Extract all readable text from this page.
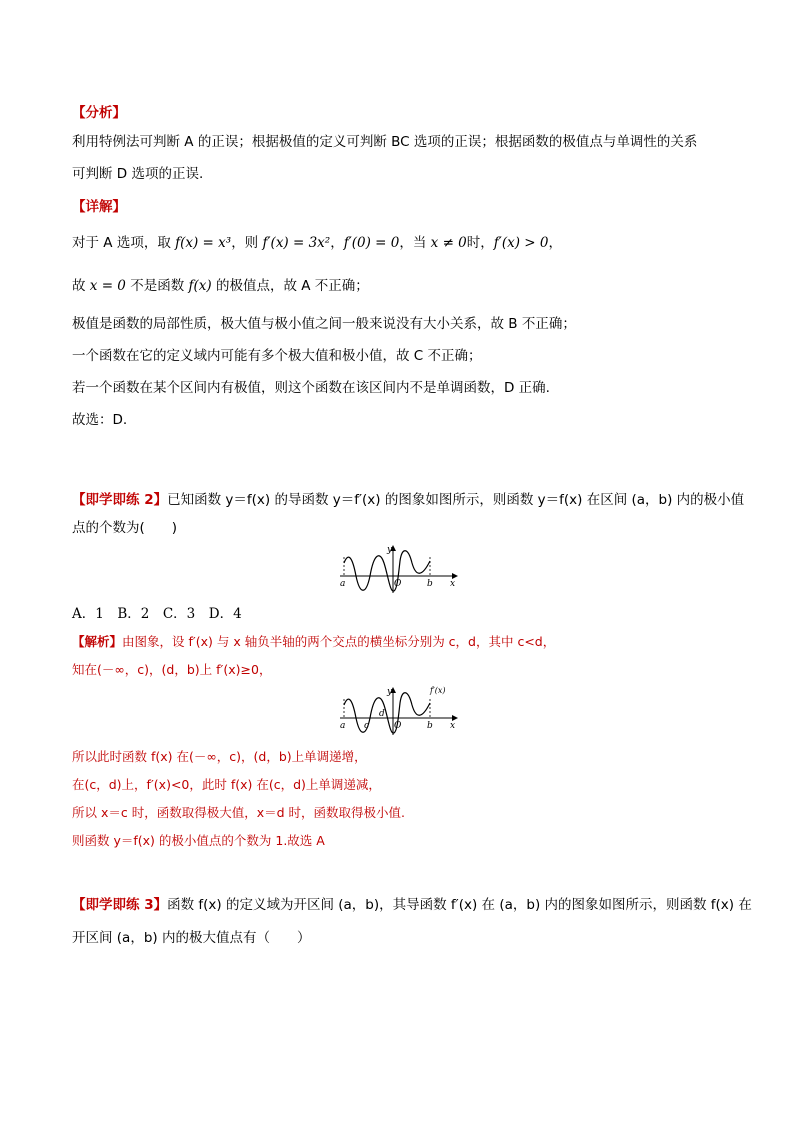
【分析】
利用特例法可判断 A 的正误；根据极值的定义可判断 BC 选项的正误；根据函数的极值点与单调性的关系
可判断 D 选项的正误.
【详解】
对于 A 选项，取 f(x) = x³，则 f′(x) = 3x²，f′(0) = 0，当 x ≠ 0时，f′(x) > 0，
故 x = 0 不是函数 f(x) 的极值点，故 A 不正确；
极值是函数的局部性质，极大值与极小值之间一般来说没有大小关系，故 B 不正确；
一个函数在它的定义域内可能有多个极大值和极小值，故 C 不正确；
若一个函数在某个区间内有极值，则这个函数在该区间内不是单调函数，D 正确.
故选：D.
【即学即练 2】已知函数 y＝f(x) 的导函数 y＝f′(x) 的图象如图所示，则函数 y＝f(x) 在区间 (a，b) 内的极小值
点的个数为(　　)
y
O
a	b x
A．1　B．2　C．3　D．4
【解析】由图象，设 f′(x) 与 x 轴负半轴的两个交点的横坐标分别为 c，d，其中 c<d，
知在(－∞，c)，(d，b)上 f′(x)≥0，
y
O
a	b x
c
d
f′(x)
所以此时函数 f(x) 在(－∞，c)，(d，b)上单调递增，
在(c，d)上，f′(x)<0，此时 f(x) 在(c，d)上单调递减，
所以 x＝c 时，函数取得极大值，x＝d 时，函数取得极小值.
则函数 y＝f(x) 的极小值点的个数为 1.故选 A
【即学即练 3】函数 f(x) 的定义域为开区间 (a，b)，其导函数 f′(x) 在 (a，b) 内的图象如图所示，则函数 f(x) 在
开区间 (a，b) 内的极大值点有（　　）
